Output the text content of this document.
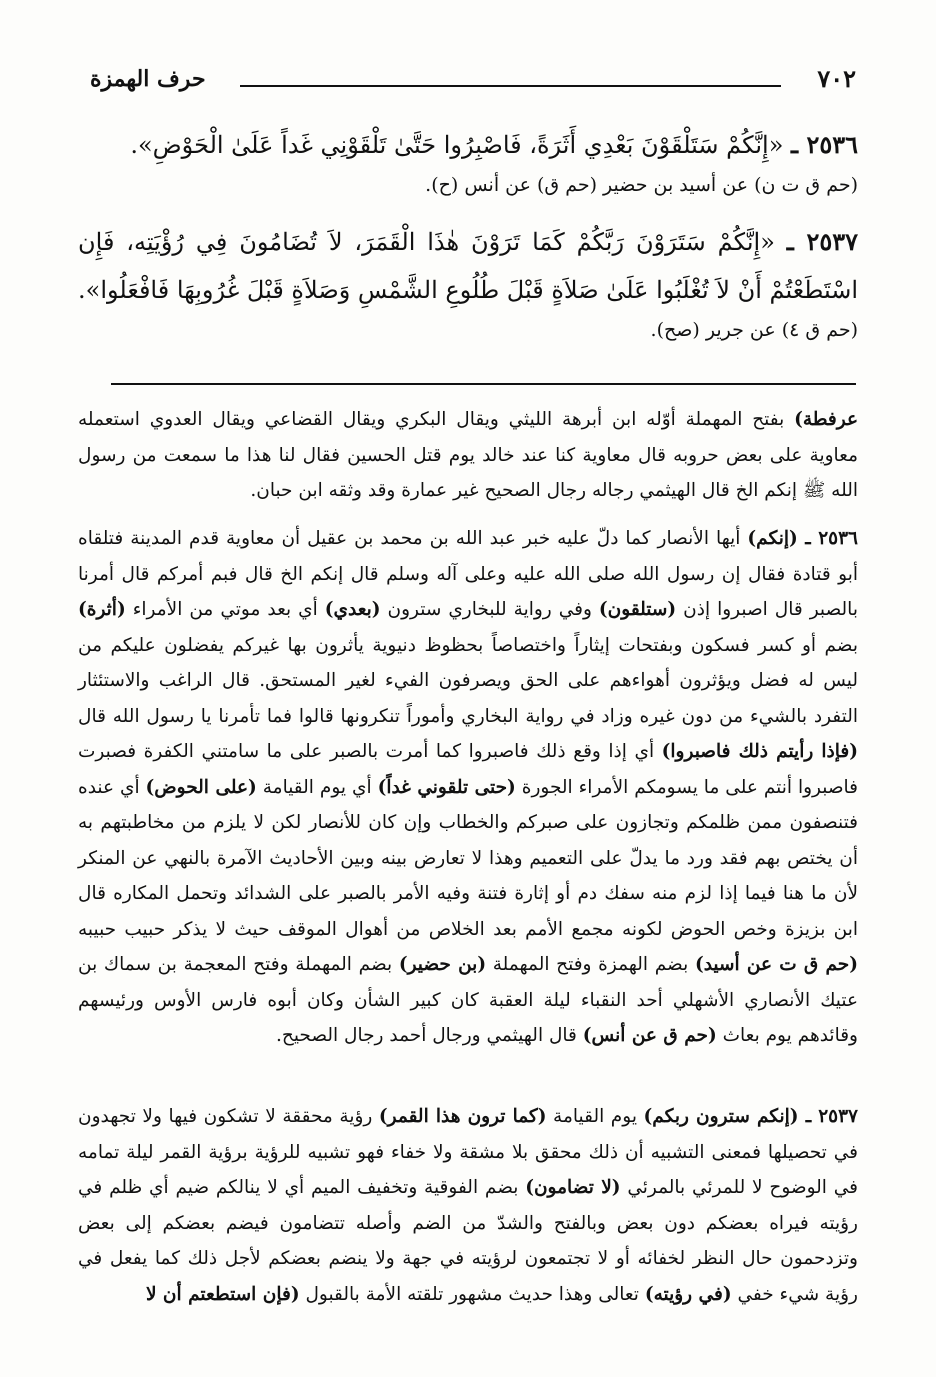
٧٠٢
حرف الهمزة

٢٥٣٦ ـ «إِنَّكُمْ سَتَلْقَوْنَ بَعْدِي أَثَرَةً، فَاصْبِرُوا حَتَّىٰ تَلْقَوْنِي غَداً عَلَىٰ الْحَوْضِ».

(حم ق ت ن) عن أسيد بن حضير (حم ق) عن أنس (ح).

٢٥٣٧ ـ «إِنَّكُمْ سَتَرَوْنَ رَبَّكُمْ كَمَا تَرَوْنَ هٰذَا الْقَمَرَ، لاَ تُضَامُونَ فِي رُؤْيَتِه، فَإِن اسْتَطَعْتُمْ أَنْ لاَ تُغْلَبُوا عَلَىٰ صَلاَةٍ قَبْلَ طُلُوعِ الشَّمْسِ وَصَلاَةٍ قَبْلَ غُرُوبِهَا فَافْعَلُوا».

(حم ق ٤) عن جرير (صح).

عرفطة) بفتح المهملة أوّله ابن أبرهة الليثي ويقال البكري ويقال القضاعي ويقال العدوي استعمله معاوية على بعض حروبه قال معاوية كنا عند خالد يوم قتل الحسين فقال لنا هذا ما سمعت من رسول الله ﷺ إنكم الخ قال الهيثمي رجاله رجال الصحيح غير عمارة وقد وثقه ابن حبان.

٢٥٣٦ ـ (إنكم) أيها الأنصار كما دلّ عليه خبر عبد الله بن محمد بن عقيل أن معاوية قدم المدينة فتلقاه أبو قتادة فقال إن رسول الله صلى الله عليه وعلى آله وسلم قال إنكم الخ قال فبم أمركم قال أمرنا بالصبر قال اصبروا إذن (ستلقون) وفي رواية للبخاري سترون (بعدي) أي بعد موتي من الأمراء (أثرة) بضم أو كسر فسكون وبفتحات إيثاراً واختصاصاً بحظوظ دنيوية يأثرون بها غيركم يفضلون عليكم من ليس له فضل ويؤثرون أهواءهم على الحق ويصرفون الفيء لغير المستحق. قال الراغب والاستئثار التفرد بالشيء من دون غيره وزاد في رواية البخاري وأموراً تنكرونها قالوا فما تأمرنا يا رسول الله قال (فإذا رأيتم ذلك فاصبروا) أي إذا وقع ذلك فاصبروا كما أمرت بالصبر على ما سامتني الكفرة فصبرت فاصبروا أنتم على ما يسومكم الأمراء الجورة (حتى تلقوني غداً) أي يوم القيامة (على الحوض) أي عنده فتنصفون ممن ظلمكم وتجازون على صبركم والخطاب وإن كان للأنصار لكن لا يلزم من مخاطبتهم به أن يختص بهم فقد ورد ما يدلّ على التعميم وهذا لا تعارض بينه وبين الأحاديث الآمرة بالنهي عن المنكر لأن ما هنا فيما إذا لزم منه سفك دم أو إثارة فتنة وفيه الأمر بالصبر على الشدائد وتحمل المكاره قال ابن بزيزة وخص الحوض لكونه مجمع الأمم بعد الخلاص من أهوال الموقف حيث لا يذكر حبيب حبيبه (حم ق ت عن أسيد) بضم الهمزة وفتح المهملة (بن حضير) بضم المهملة وفتح المعجمة بن سماك بن عتيك الأنصاري الأشهلي أحد النقباء ليلة العقبة كان كبير الشأن وكان أبوه فارس الأوس ورئيسهم وقائدهم يوم بعاث (حم ق عن أنس) قال الهيثمي ورجال أحمد رجال الصحيح.

٢٥٣٧ ـ (إنكم سترون ربكم) يوم القيامة (كما ترون هذا القمر) رؤية محققة لا تشكون فيها ولا تجهدون في تحصيلها فمعنى التشبيه أن ذلك محقق بلا مشقة ولا خفاء فهو تشبيه للرؤية برؤية القمر ليلة تمامه في الوضوح لا للمرئي بالمرئي (لا تضامون) بضم الفوقية وتخفيف الميم أي لا ينالكم ضيم أي ظلم في رؤيته فيراه بعضكم دون بعض وبالفتح والشدّ من الضم وأصله تتضامون فيضم بعضكم إلى بعض وتزدحمون حال النظر لخفائه أو لا تجتمعون لرؤيته في جهة ولا ينضم بعضكم لأجل ذلك كما يفعل في رؤية شيء خفي (في رؤيته) تعالى وهذا حديث مشهور تلقته الأمة بالقبول (فإن استطعتم أن لا
